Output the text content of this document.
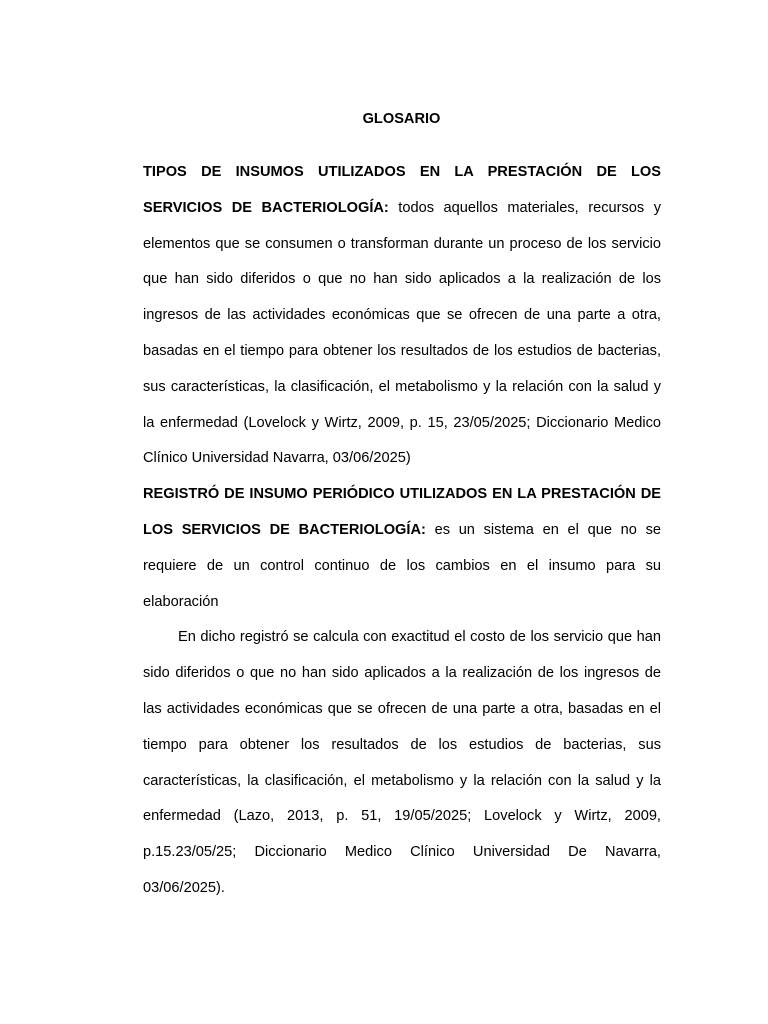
GLOSARIO

TIPOS DE INSUMOS UTILIZADOS EN LA PRESTACIÓN DE LOS SERVICIOS DE BACTERIOLOGÍA: todos aquellos materiales, recursos y elementos que se consumen o transforman durante un proceso de los servicio que han sido diferidos o que no han sido aplicados a la realización de los ingresos de las actividades económicas que se ofrecen de una parte a otra, basadas en el tiempo para obtener los resultados de los estudios de bacterias, sus características, la clasificación, el metabolismo y la relación con la salud y la enfermedad (Lovelock y Wirtz, 2009, p. 15, 23/05/2025; Diccionario Medico Clínico Universidad Navarra, 03/06/2025)

REGISTRÓ DE INSUMO PERIÓDICO UTILIZADOS EN LA PRESTACIÓN DE LOS SERVICIOS DE BACTERIOLOGÍA: es un sistema en el que no se requiere de un control continuo de los cambios en el insumo para su elaboración

En dicho registró se calcula con exactitud el costo de los servicio que han sido diferidos o que no han sido aplicados a la realización de los ingresos de las actividades económicas que se ofrecen de una parte a otra, basadas en el tiempo para obtener los resultados de los estudios de bacterias, sus características, la clasificación, el metabolismo y la relación con la salud y la enfermedad (Lazo, 2013, p. 51, 19/05/2025; Lovelock y Wirtz, 2009, p.15.23/05/25; Diccionario Medico Clínico Universidad De Navarra, 03/06/2025).
